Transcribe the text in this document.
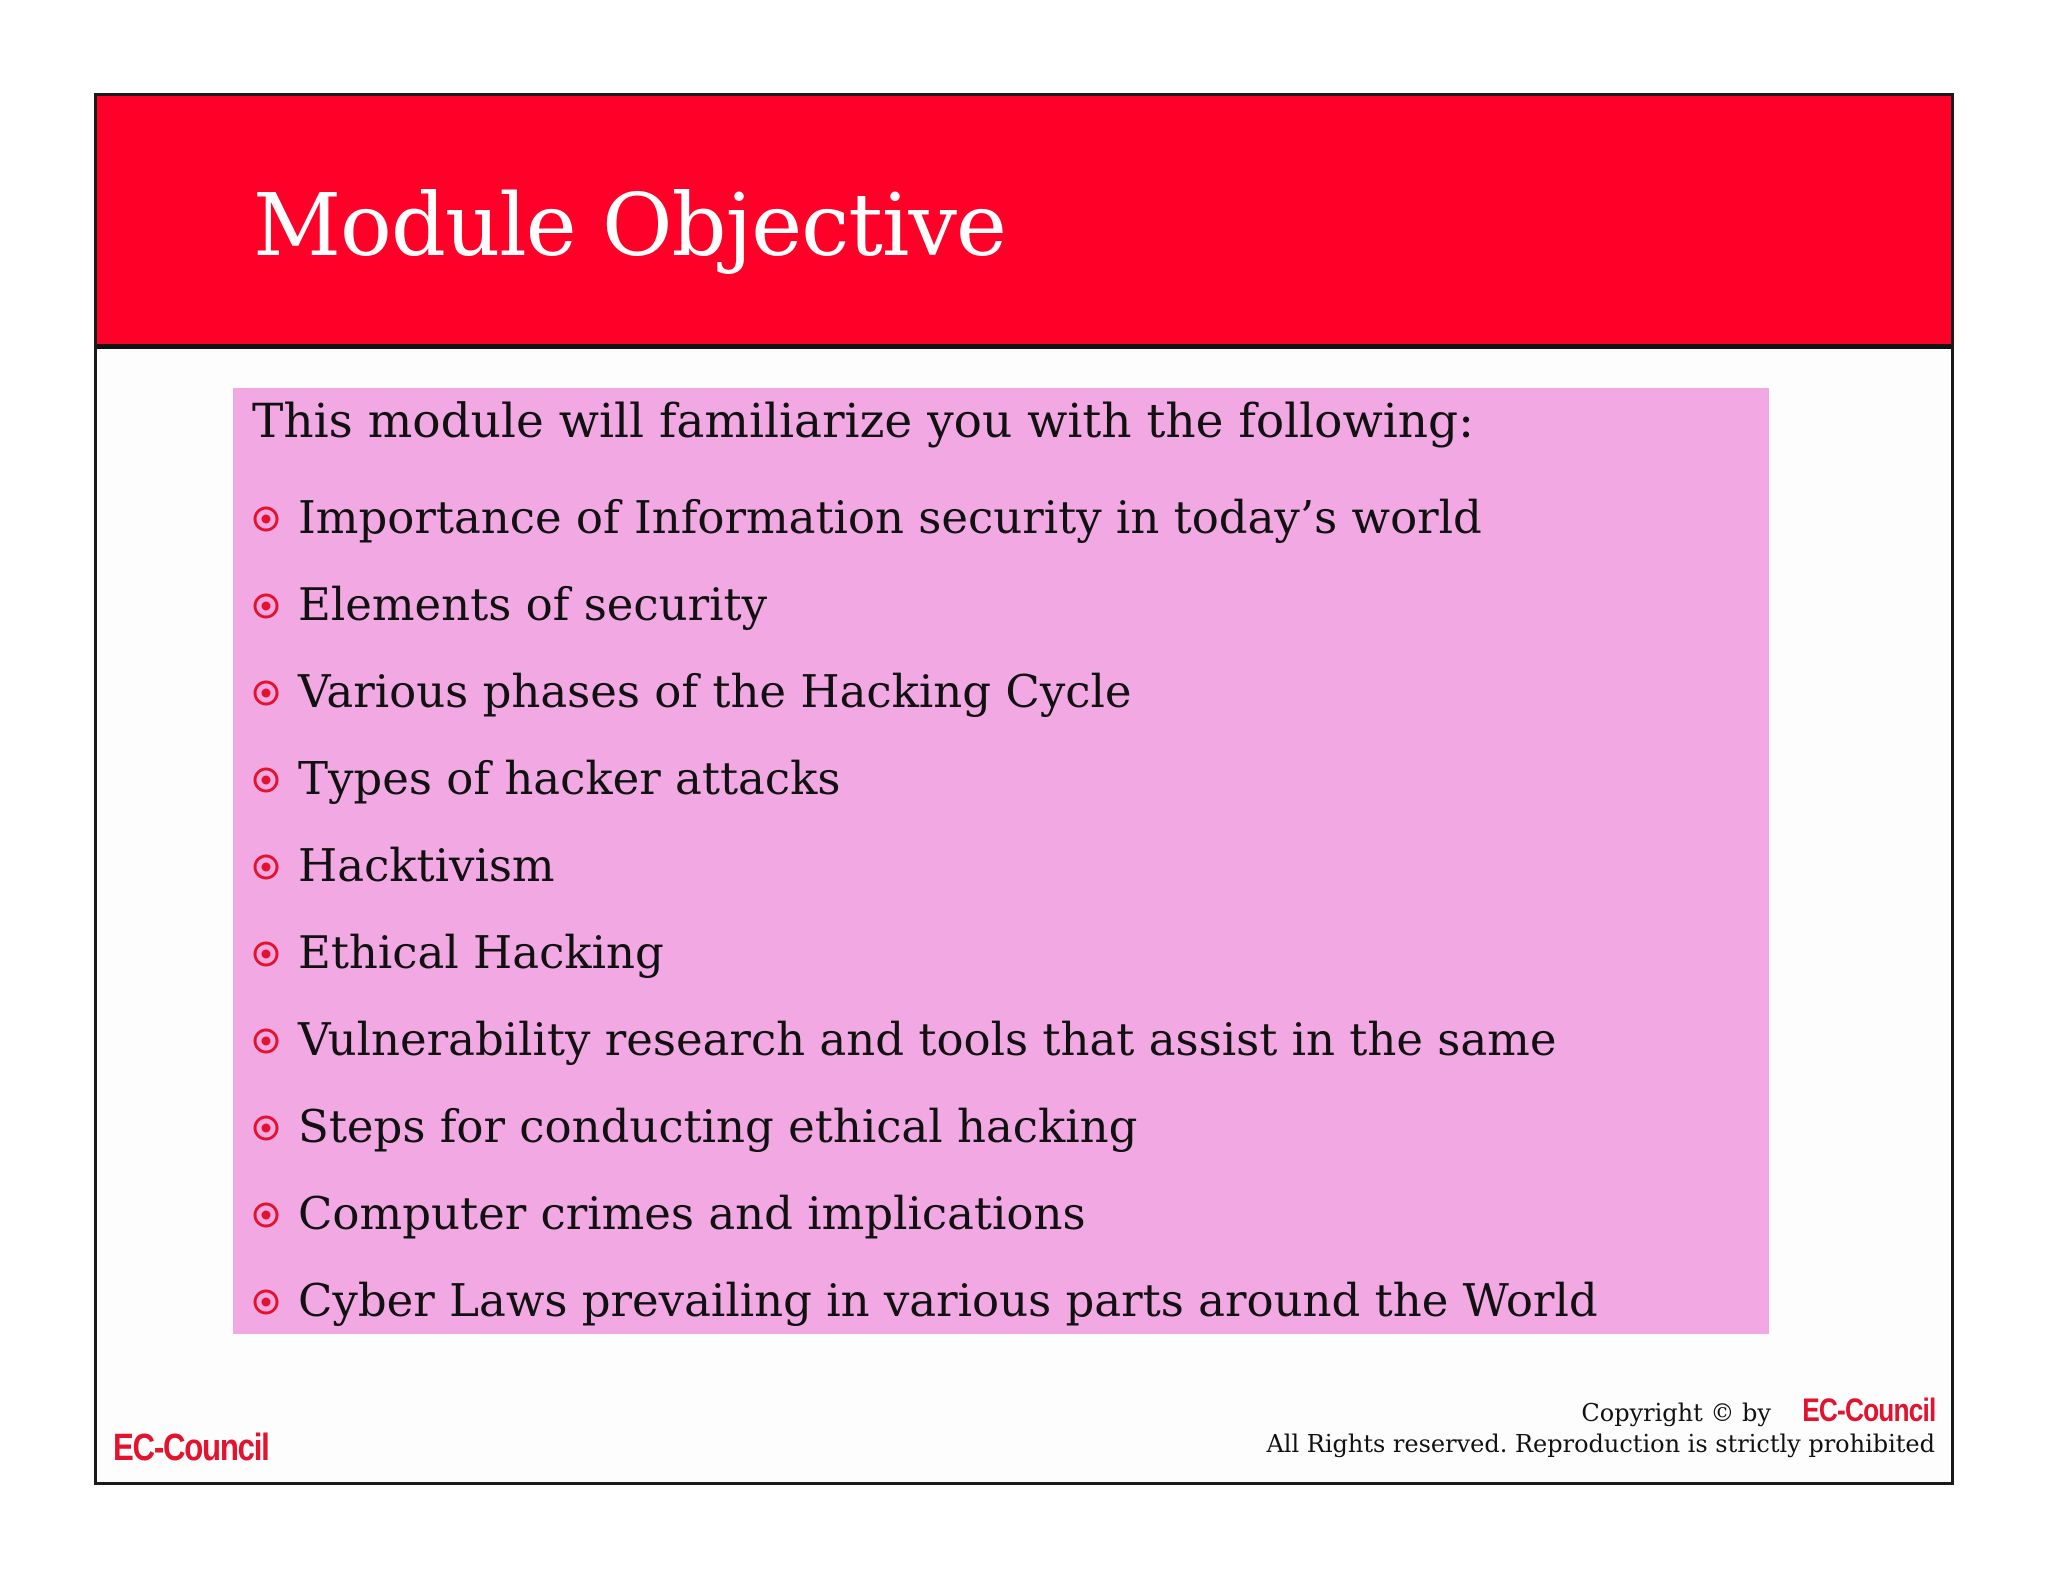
Module Objective

This module will familiarize you with the following:

Importance of Information security in today’s world
Elements of security
Various phases of the Hacking Cycle
Types of hacker attacks
Hacktivism
Ethical Hacking
Vulnerability research and tools that assist in the same
Steps for conducting ethical hacking
Computer crimes and implications
Cyber Laws prevailing in various parts around the World
EC-Council
Copyright © by EC-Council
All Rights reserved. Reproduction is strictly prohibited
